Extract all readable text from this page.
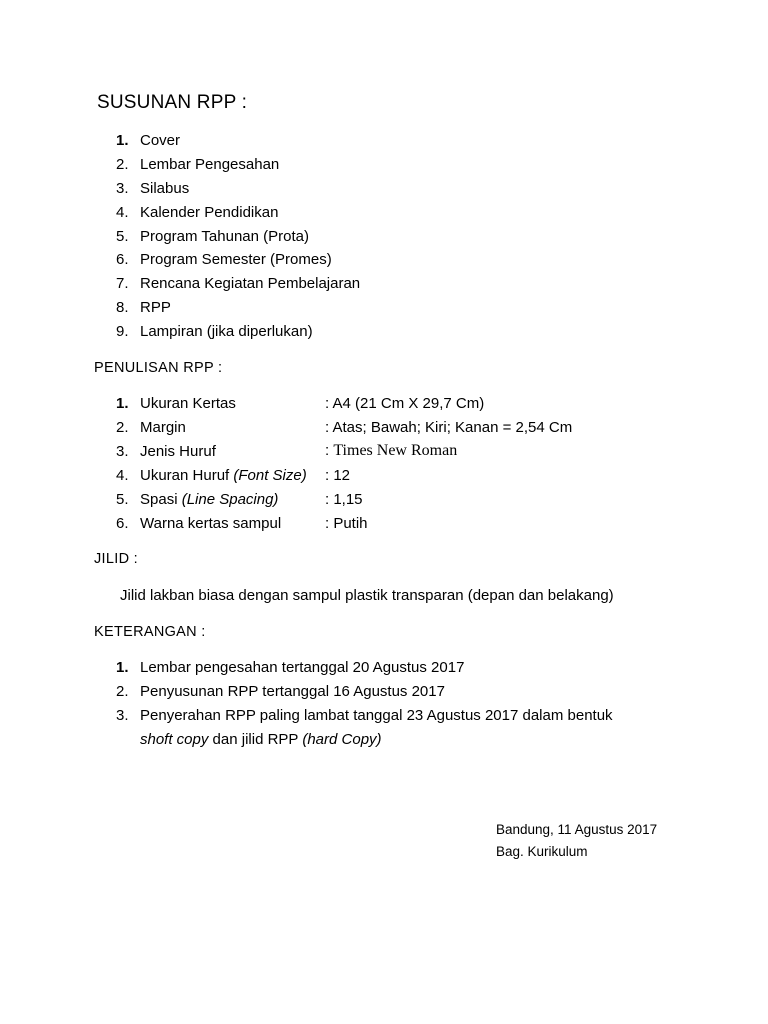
SUSUNAN RPP :
1. Cover
2. Lembar Pengesahan
3. Silabus
4. Kalender Pendidikan
5. Program Tahunan (Prota)
6. Program Semester (Promes)
7. Rencana Kegiatan Pembelajaran
8. RPP
9. Lampiran (jika diperlukan)
PENULISAN RPP :
1. Ukuran Kertas	: A4 (21 Cm X 29,7 Cm)
2. Margin	: Atas; Bawah; Kiri; Kanan = 2,54 Cm
3. Jenis Huruf	: Times New Roman
4. Ukuran Huruf (Font Size) : 12
5. Spasi (Line Spacing)	: 1,15
6. Warna kertas sampul	: Putih
JILID :
Jilid lakban biasa dengan sampul plastik transparan (depan dan belakang)
KETERANGAN :
1. Lembar pengesahan tertanggal 20 Agustus 2017
2. Penyusunan RPP tertanggal 16 Agustus 2017
3. Penyerahan RPP paling lambat tanggal 23 Agustus 2017 dalam bentuk
shoft copy dan jilid RPP (hard Copy)
Bandung, 11 Agustus 2017
Bag. Kurikulum
